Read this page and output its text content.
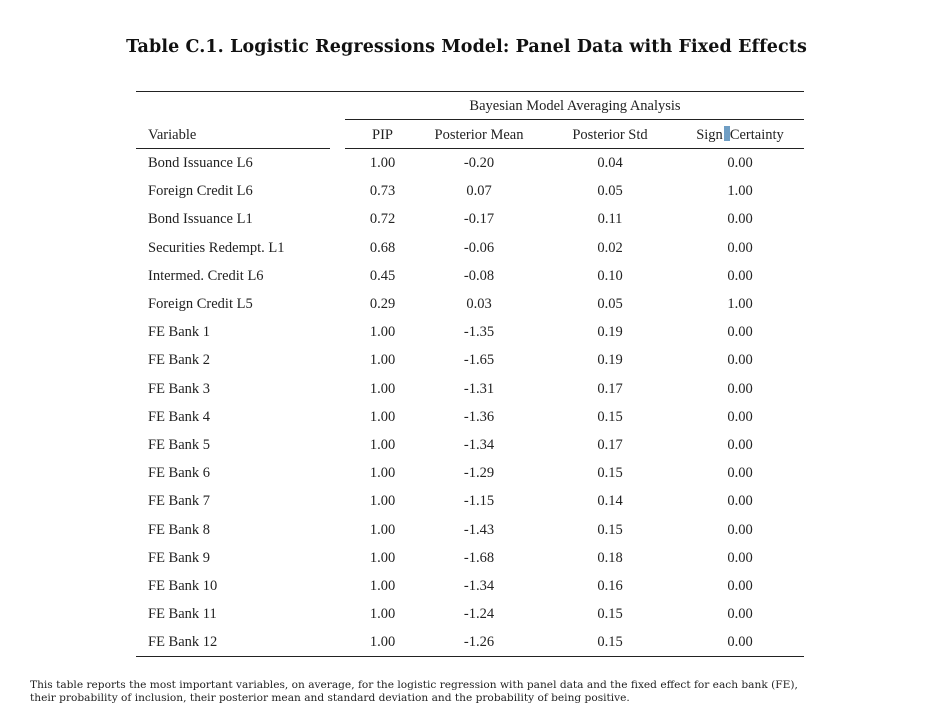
Table C.1. Logistic Regressions Model: Panel Data with Fixed Effects
Bayesian Model Averaging Analysis
Variable	PIP	Posterior Mean	Posterior Std	Sign Certainty
Bond Issuance L6	1.00	-0.20	0.04	0.00
Foreign Credit L6	0.73	0.07	0.05	1.00
Bond Issuance L1	0.72	-0.17	0.11	0.00
Securities Redempt. L1	0.68	-0.06	0.02	0.00
Intermed. Credit L6	0.45	-0.08	0.10	0.00
Foreign Credit L5	0.29	0.03	0.05	1.00
FE Bank 1	1.00	-1.35	0.19	0.00
FE Bank 2	1.00	-1.65	0.19	0.00
FE Bank 3	1.00	-1.31	0.17	0.00
FE Bank 4	1.00	-1.36	0.15	0.00
FE Bank 5	1.00	-1.34	0.17	0.00
FE Bank 6	1.00	-1.29	0.15	0.00
FE Bank 7	1.00	-1.15	0.14	0.00
FE Bank 8	1.00	-1.43	0.15	0.00
FE Bank 9	1.00	-1.68	0.18	0.00
FE Bank 10	1.00	-1.34	0.16	0.00
FE Bank 11	1.00	-1.24	0.15	0.00
FE Bank 12	1.00	-1.26	0.15	0.00
This table reports the most important variables, on average, for the logistic regression with panel data and the fixed effect for each bank (FE),
their probability of inclusion, their posterior mean and standard deviation and the probability of being positive.
